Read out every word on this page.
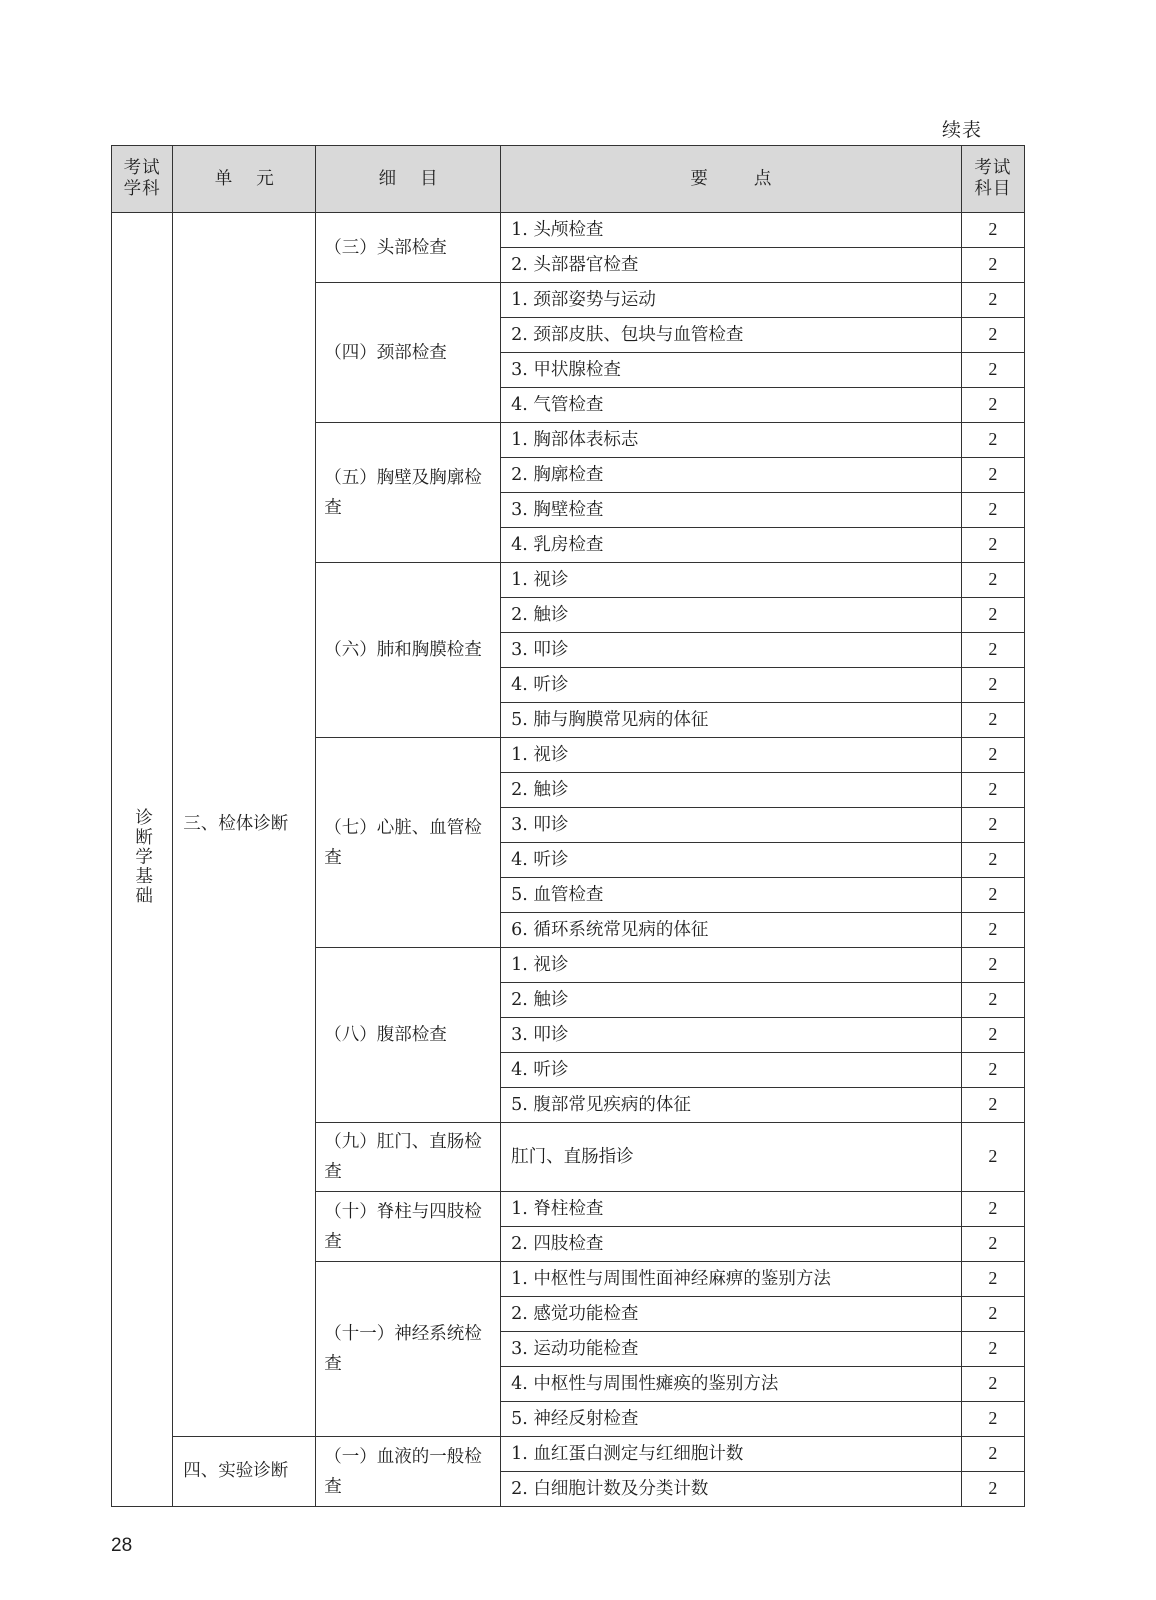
续表
考试学科	单元	细目	要点	考试科目
诊断学基础	三、检体诊断	（三）头部检查	1. 头颅检查	2
			2. 头部器官检查	2
		（四）颈部检查	1. 颈部姿势与运动	2
			2. 颈部皮肤、包块与血管检查	2
			3. 甲状腺检查	2
			4. 气管检查	2
		（五）胸壁及胸廓检查	1. 胸部体表标志	2
			2. 胸廓检查	2
			3. 胸壁检查	2
			4. 乳房检查	2
		（六）肺和胸膜检查	1. 视诊	2
			2. 触诊	2
			3. 叩诊	2
			4. 听诊	2
			5. 肺与胸膜常见病的体征	2
		（七）心脏、血管检查	1. 视诊	2
			2. 触诊	2
			3. 叩诊	2
			4. 听诊	2
			5. 血管检查	2
			6. 循环系统常见病的体征	2
		（八）腹部检查	1. 视诊	2
			2. 触诊	2
			3. 叩诊	2
			4. 听诊	2
			5. 腹部常见疾病的体征	2
		（九）肛门、直肠检查	肛门、直肠指诊	2
		（十）脊柱与四肢检查	1. 脊柱检查	2
			2. 四肢检查	2
		（十一）神经系统检查	1. 中枢性与周围性面神经麻痹的鉴别方法	2
			2. 感觉功能检查	2
			3. 运动功能检查	2
			4. 中枢性与周围性瘫痪的鉴别方法	2
			5. 神经反射检查	2
	四、实验诊断	（一）血液的一般检查	1. 血红蛋白测定与红细胞计数	2
			2. 白细胞计数及分类计数	2
28
